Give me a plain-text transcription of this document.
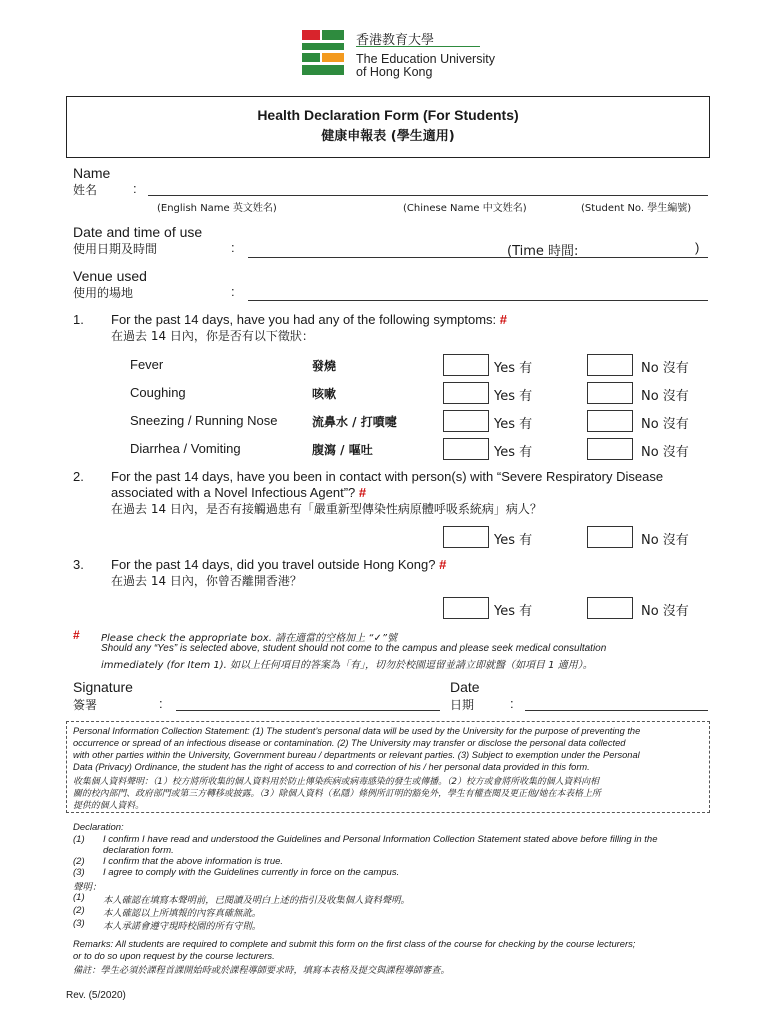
香港教育大學
The Education University
of Hong Kong
Health Declaration Form (For Students)
健康申報表 (學生適用)
Name
姓名	:
(English Name 英文姓名)	(Chinese Name 中文姓名)	(Student No. 學生編號)
Date and time of use
使用日期及時間	:	(Time 時間:	)
Venue used
使用的場地	:
1. For the past 14 days, have you had any of the following symptoms: #
在過去 14 日內，你是否有以下徵狀：
Fever	發燒	Yes 有	No 沒有
Coughing	咳嗽	Yes 有	No 沒有
Sneezing / Running Nose	流鼻水 / 打噴嚏	Yes 有	No 沒有
Diarrhea / Vomiting	腹瀉 / 嘔吐	Yes 有	No 沒有
2. For the past 14 days, have you been in contact with person(s) with “Severe Respiratory Disease
associated with a Novel Infectious Agent”? #
在過去 14 日內，是否有接觸過患有「嚴重新型傳染性病原體呼吸系統病」病人？
Yes 有	No 沒有
3. For the past 14 days, did you travel outside Hong Kong? #
在過去 14 日內，你曾否離開香港？
Yes 有	No 沒有
# Please check the appropriate box. 請在適當的空格加上 “✓”號
Should any “Yes” is selected above, student should not come to the campus and please seek medical consultation
immediately (for Item 1). 如以上任何項目的答案為「有」，切勿於校園逗留並請立即就醫（如項目 1 適用）。
Signature
簽署	:
Date
日期	:
Personal Information Collection Statement: (1) The student’s personal data will be used by the University for the purpose of preventing the
occurrence or spread of an infectious disease or contamination. (2) The University may transfer or disclose the personal data collected
with other parties within the University, Government bureau / departments or relevant parties. (3) Subject to exemption under the Personal
Data (Privacy) Ordinance, the student has the right of access to and correction of his / her personal data provided in this form.
收集個人資料聲明：（1）校方將所收集的個人資料用於防止傳染疾病或病毒感染的發生或傳播。（2）校方或會將所收集的個人資料向相
關的校內部門、政府部門或第三方轉移或披露。（3）除個人資料（私隱）條例所訂明的豁免外，學生有權查閱及更正他/她在本表格上所
提供的個人資料。
Declaration:
(1) I confirm I have read and understood the Guidelines and Personal Information Collection Statement stated above before filling in the
declaration form.
(2) I confirm that the above information is true.
(3) I agree to comply with the Guidelines currently in force on the campus.
聲明：
(1) 本人確認在填寫本聲明前，已閱讀及明白上述的指引及收集個人資料聲明。
(2) 本人確認以上所填報的內容真確無訛。
(3) 本人承諾會遵守現時校園的所有守則。
Remarks: All students are required to complete and submit this form on the first class of the course for checking by the course lecturers;
or to do so upon request by the course lecturers.
備註：學生必須於課程首課開始時或於課程導師要求時，填寫本表格及提交與課程導師審查。
Rev. (5/2020)
